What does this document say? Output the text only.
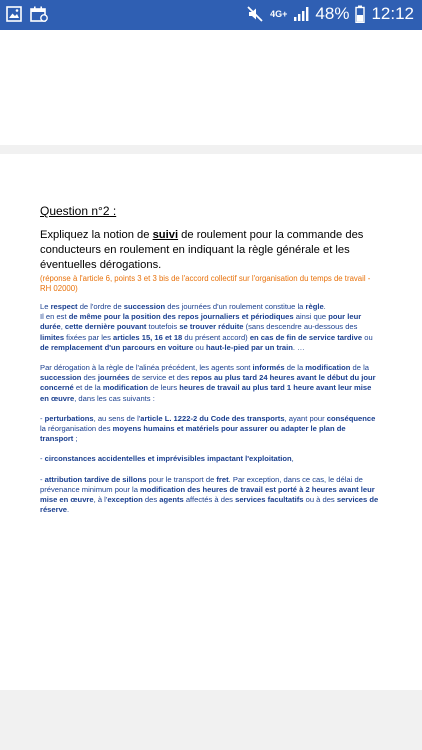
4G+ 48% 12:12
Question n°2 :
Expliquez la notion de suivi de roulement pour la commande des conducteurs en roulement en indiquant la règle générale et les éventuelles dérogations.
(réponse à l'article 6, points 3 et 3 bis de l'accord collectif sur l'organisation du temps de travail - RH 02000)
Le respect de l'ordre de succession des journées d'un roulement constitue la règle.
Il en est de même pour la position des repos journaliers et périodiques ainsi que pour leur durée, cette dernière pouvant toutefois se trouver réduite (sans descendre au-dessous des limites fixées par les articles 15, 16 et 18 du présent accord) en cas de fin de service tardive ou de remplacement d'un parcours en voiture ou haut-le-pied par un train. …
Par dérogation à la règle de l'alinéa précédent, les agents sont informés de la modification de la succession des journées de service et des repos au plus tard 24 heures avant le début du jour concerné et de la modification de leurs heures de travail au plus tard 1 heure avant leur mise en œuvre, dans les cas suivants :
- perturbations, au sens de l'article L. 1222-2 du Code des transports, ayant pour conséquence la réorganisation des moyens humains et matériels pour assurer ou adapter le plan de transport ;
- circonstances accidentelles et imprévisibles impactant l'exploitation,
- attribution tardive de sillons pour le transport de fret. Par exception, dans ce cas, le délai de prévenance minimum pour la modification des heures de travail est porté à 2 heures avant leur mise en œuvre, à l'exception des agents affectés à des services facultatifs ou à des services de réserve.
